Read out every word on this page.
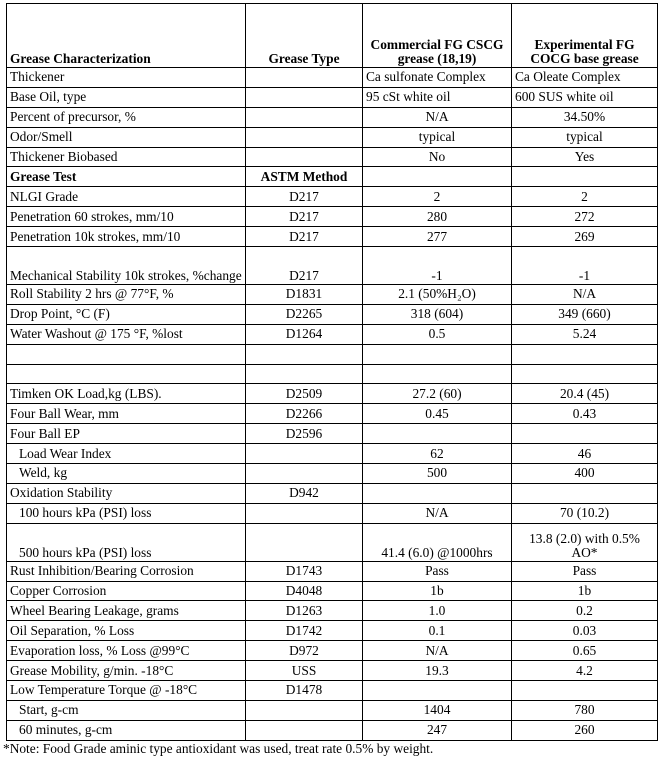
Grease Characterization	Grease Type	Commercial FG CSCG grease (18,19)	Experimental FG COCG base grease
Thickener		Ca sulfonate Complex	Ca Oleate Complex
Base Oil, type		95 cSt white oil	600 SUS white oil
Percent of precursor, %		N/A	34.50%
Odor/Smell		typical	typical
Thickener Biobased		No	Yes
Grease Test	ASTM Method		
NLGI Grade	D217	2	2
Penetration 60 strokes, mm/10	D217	280	272
Penetration 10k strokes, mm/10	D217	277	269
Mechanical Stability 10k strokes, %change	D217	-1	-1
Roll Stability 2 hrs @ 77°F, %	D1831	2.1 (50%H₂O)	N/A
Drop Point, °C (F)	D2265	318 (604)	349 (660)
Water Washout @ 175 °F, %lost	D1264	0.5	5.24

Timken OK Load,kg (LBS).	D2509	27.2 (60)	20.4 (45)
Four Ball Wear, mm	D2266	0.45	0.43
Four Ball EP	D2596		
Load Wear Index		62	46
Weld, kg		500	400
Oxidation Stability	D942		
100 hours kPa (PSI) loss		N/A	70 (10.2)
500 hours kPa (PSI) loss		41.4 (6.0) @1000hrs	13.8 (2.0) with 0.5% AO*
Rust Inhibition/Bearing Corrosion	D1743	Pass	Pass
Copper Corrosion	D4048	1b	1b
Wheel Bearing Leakage, grams	D1263	1.0	0.2
Oil Separation, % Loss	D1742	0.1	0.03
Evaporation loss, % Loss @99°C	D972	N/A	0.65
Grease Mobility, g/min. -18°C	USS	19.3	4.2
Low Temperature Torque @ -18°C	D1478		
Start, g-cm		1404	780
60 minutes, g-cm		247	260
*Note: Food Grade aminic type antioxidant was used, treat rate 0.5% by weight.
